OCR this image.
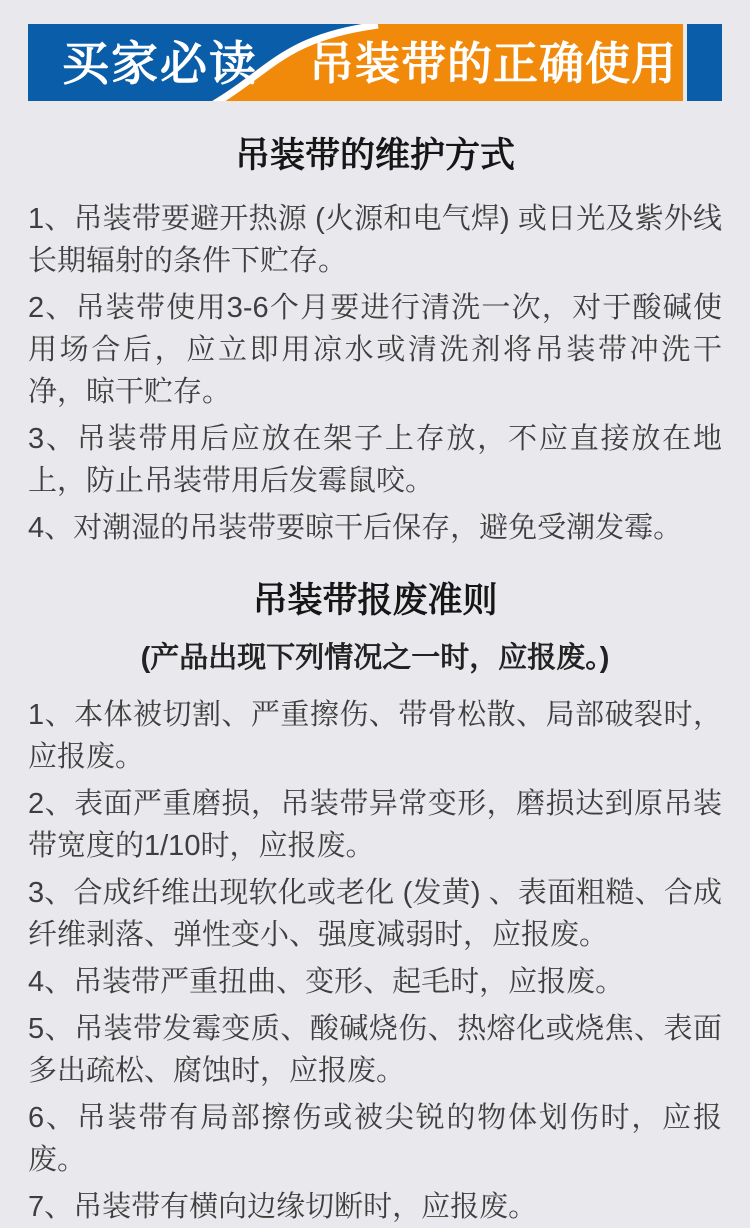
买家必读 吊装带的正确使用
吊装带的维护方式

1、吊装带要避开热源 (火源和电气焊) 或日光及紫外线长期辐射的条件下贮存。

2、吊装带使用3-6个月要进行清洗一次，对于酸碱使用场合后，应立即用凉水或清洗剂将吊装带冲洗干净，晾干贮存。

3、吊装带用后应放在架子上存放，不应直接放在地上，防止吊装带用后发霉鼠咬。

4、对潮湿的吊装带要晾干后保存，避免受潮发霉。

吊装带报废准则

(产品出现下列情况之一时，应报废。)

1、本体被切割、严重擦伤、带骨松散、局部破裂时，应报废。

2、表面严重磨损，吊装带异常变形，磨损达到原吊装带宽度的1/10时，应报废。

3、合成纤维出现软化或老化 (发黄) 、表面粗糙、合成纤维剥落、弹性变小、强度减弱时，应报废。

4、吊装带严重扭曲、变形、起毛时，应报废。

5、吊装带发霉变质、酸碱烧伤、热熔化或烧焦、表面多出疏松、腐蚀时，应报废。

6、吊装带有局部擦伤或被尖锐的物体划伤时，应报废。

7、吊装带有横向边缘切断时，应报废。
